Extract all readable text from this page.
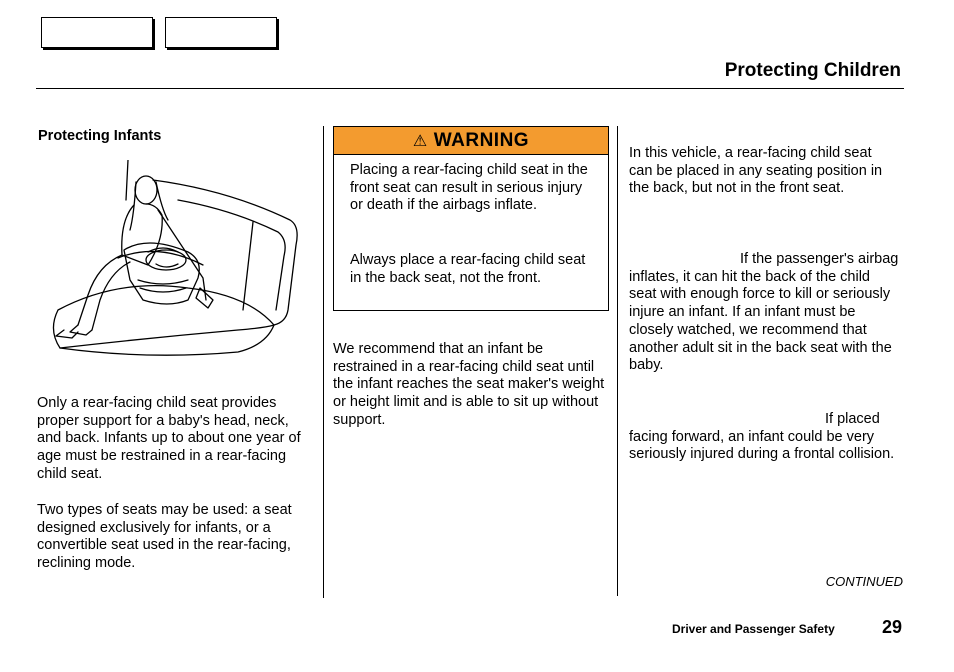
Protecting Children
Protecting Infants

Only a rear-facing child seat provides proper support for a baby's head, neck, and back. Infants up to about one year of age must be restrained in a rear-facing child seat.

Two types of seats may be used: a seat designed exclusively for infants, or a convertible seat used in the rear-facing, reclining mode.

⚠ WARNING

Placing a rear-facing child seat in the front seat can result in serious injury or death if the airbags inflate.

Always place a rear-facing child seat in the back seat, not the front.

We recommend that an infant be restrained in a rear-facing child seat until the infant reaches the seat maker's weight or height limit and is able to sit up without support.

In this vehicle, a rear-facing child seat can be placed in any seating position in the back, but not in the front seat.

If the passenger's airbag inflates, it can hit the back of the child seat with enough force to kill or seriously injure an infant. If an infant must be closely watched, we recommend that another adult sit in the back seat with the baby.

If placed facing forward, an infant could be very seriously injured during a frontal collision.

CONTINUED
Driver and Passenger Safety	29
